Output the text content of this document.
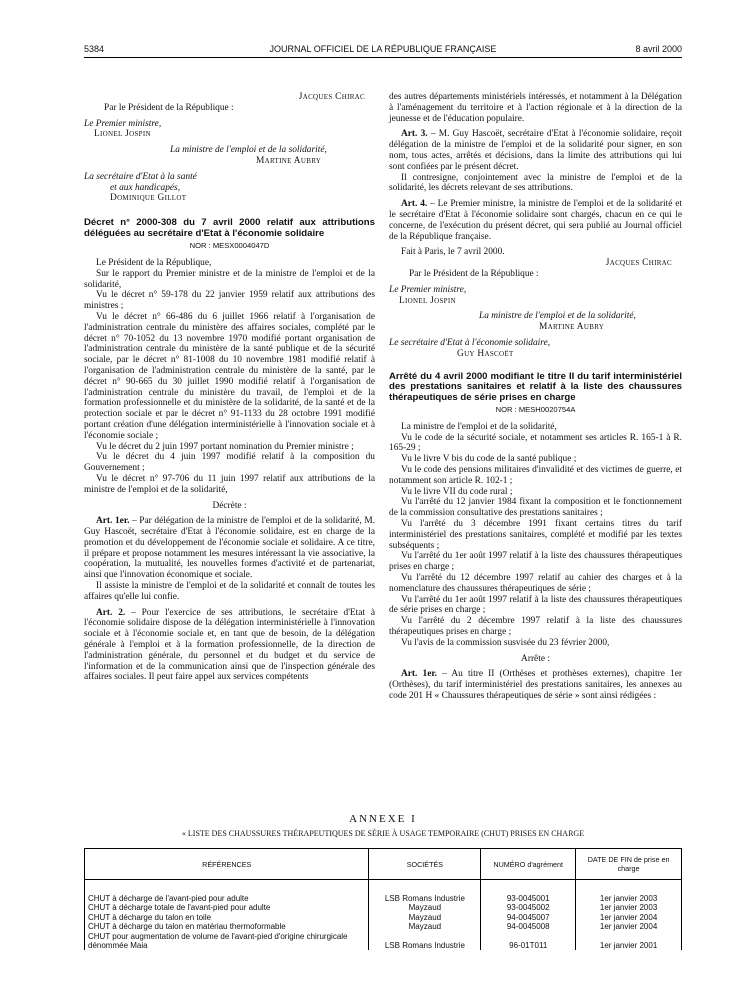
5384	JOURNAL OFFICIEL DE LA RÉPUBLIQUE FRANÇAISE	8 avril 2000

Jacques Chirac

Par le Président de la République :

Le Premier ministre,

Lionel Jospin

La ministre de l'emploi et de la solidarité,

Martine Aubry

La secrétaire d'Etat à la santé

et aux handicapés,

Dominique Gillot

Décret n° 2000-308 du 7 avril 2000 relatif aux attributions déléguées au secrétaire d'Etat à l'économie solidaire

NOR : MESX0004047D

Le Président de la République,

Sur le rapport du Premier ministre et de la ministre de l'emploi et de la solidarité,

Vu le décret n° 59-178 du 22 janvier 1959 relatif aux attributions des ministres ;

Vu le décret n° 66-486 du 6 juillet 1966 relatif à l'organisation de l'administration centrale du ministère des affaires sociales, complété par le décret n° 70-1052 du 13 novembre 1970 modifié portant organisation de l'administration centrale du ministère de la santé publique et de la sécurité sociale, par le décret n° 81-1008 du 10 novembre 1981 modifié relatif à l'organisation de l'administration centrale du ministère de la santé, par le décret n° 90-665 du 30 juillet 1990 modifié relatif à l'organisation de l'administration centrale du ministère du travail, de l'emploi et de la formation professionnelle et du ministère de la solidarité, de la santé et de la protection sociale et par le décret n° 91-1133 du 28 octobre 1991 modifié portant création d'une délégation interministérielle à l'innovation sociale et à l'économie sociale ;

Vu le décret du 2 juin 1997 portant nomination du Premier ministre ;

Vu le décret du 4 juin 1997 modifié relatif à la composition du Gouvernement ;

Vu le décret n° 97-706 du 11 juin 1997 relatif aux attributions de la ministre de l'emploi et de la solidarité,

Décrète :

Art. 1er. – Par délégation de la ministre de l'emploi et de la solidarité, M. Guy Hascoët, secrétaire d'Etat à l'économie solidaire, est en charge de la promotion et du développement de l'économie sociale et solidaire. A ce titre, il prépare et propose notamment les mesures intéressant la vie associative, la coopération, la mutualité, les nouvelles formes d'activité et de partenariat, ainsi que l'innovation économique et sociale.

Il assiste la ministre de l'emploi et de la solidarité et connaît de toutes les affaires qu'elle lui confie.

Art. 2. – Pour l'exercice de ses attributions, le secrétaire d'Etat à l'économie solidaire dispose de la délégation interministérielle à l'innovation sociale et à l'économie sociale et, en tant que de besoin, de la délégation générale à l'emploi et à la formation professionnelle, de la direction de l'administration générale, du personnel et du budget et du service de l'information et de la communication ainsi que de l'inspection générale des affaires sociales. Il peut faire appel aux services compétents

des autres départements ministériels intéressés, et notamment à la Délégation à l'aménagement du territoire et à l'action régionale et à la direction de la jeunesse et de l'éducation populaire.

Art. 3. – M. Guy Hascoët, secrétaire d'Etat à l'économie solidaire, reçoit délégation de la ministre de l'emploi et de la solidarité pour signer, en son nom, tous actes, arrêtés et décisions, dans la limite des attributions qui lui sont confiées par le présent décret.

Il contresigne, conjointement avec la ministre de l'emploi et de la solidarité, les décrets relevant de ses attributions.

Art. 4. – Le Premier ministre, la ministre de l'emploi et de la solidarité et le secrétaire d'Etat à l'économie solidaire sont chargés, chacun en ce qui le concerne, de l'exécution du présent décret, qui sera publié au Journal officiel de la République française.

Fait à Paris, le 7 avril 2000.

Jacques Chirac

Par le Président de la République :

Le Premier ministre,

Lionel Jospin

La ministre de l'emploi et de la solidarité,

Martine Aubry

Le secrétaire d'Etat à l'économie solidaire,

Guy Hascoët

Arrêté du 4 avril 2000 modifiant le titre II du tarif interministériel des prestations sanitaires et relatif à la liste des chaussures thérapeutiques de série prises en charge

NOR : MESH0020754A

La ministre de l'emploi et de la solidarité,

Vu le code de la sécurité sociale, et notamment ses articles R. 165-1 à R. 165-29 ;

Vu le livre V bis du code de la santé publique ;

Vu le code des pensions militaires d'invalidité et des victimes de guerre, et notamment son article R. 102-1 ;

Vu le livre VII du code rural ;

Vu l'arrêté du 12 janvier 1984 fixant la composition et le fonctionnement de la commission consultative des prestations sanitaires ;

Vu l'arrêté du 3 décembre 1991 fixant certains titres du tarif interministériel des prestations sanitaires, complété et modifié par les textes subséquents ;

Vu l'arrêté du 1er août 1997 relatif à la liste des chaussures thérapeutiques prises en charge ;

Vu l'arrêté du 12 décembre 1997 relatif au cahier des charges et à la nomenclature des chaussures thérapeutiques de série ;

Vu l'arrêté du 1er août 1997 relatif à la liste des chaussures thérapeutiques de série prises en charge ;

Vu l'arrêté du 2 décembre 1997 relatif à la liste des chaussures thérapeutiques prises en charge ;

Vu l'avis de la commission susvisée du 23 février 2000,

Arrête :

Art. 1er. – Au titre II (Orthèses et prothèses externes), chapitre 1er (Orthèses), du tarif interministériel des prestations sanitaires, les annexes au code 201 H « Chaussures thérapeutiques de série » sont ainsi rédigées :

ANNEXE I
« LISTE DES CHAUSSURES THÉRAPEUTIQUES DE SÉRIE À USAGE TEMPORAIRE (CHUT) PRISES EN CHARGE
RÉFÉRENCES	SOCIÉTÉS	NUMÉRO d'agrément	DATE DE FIN de prise en charge
CHUT à décharge de l'avant-pied pour adulte	LSB Romans Industrie	93-0045001	1er janvier 2003
CHUT à décharge totale de l'avant-pied pour adulte	Mayzaud	93-0045002	1er janvier 2003
CHUT à décharge du talon en toile	Mayzaud	94-0045007	1er janvier 2004
CHUT à décharge du talon en matériau thermoformable	Mayzaud	94-0045008	1er janvier 2004
CHUT pour augmentation de volume de l'avant-pied d'origine chirurgicale dénommée Maia	LSB Romans Industrie	96-01T011	1er janvier 2001
